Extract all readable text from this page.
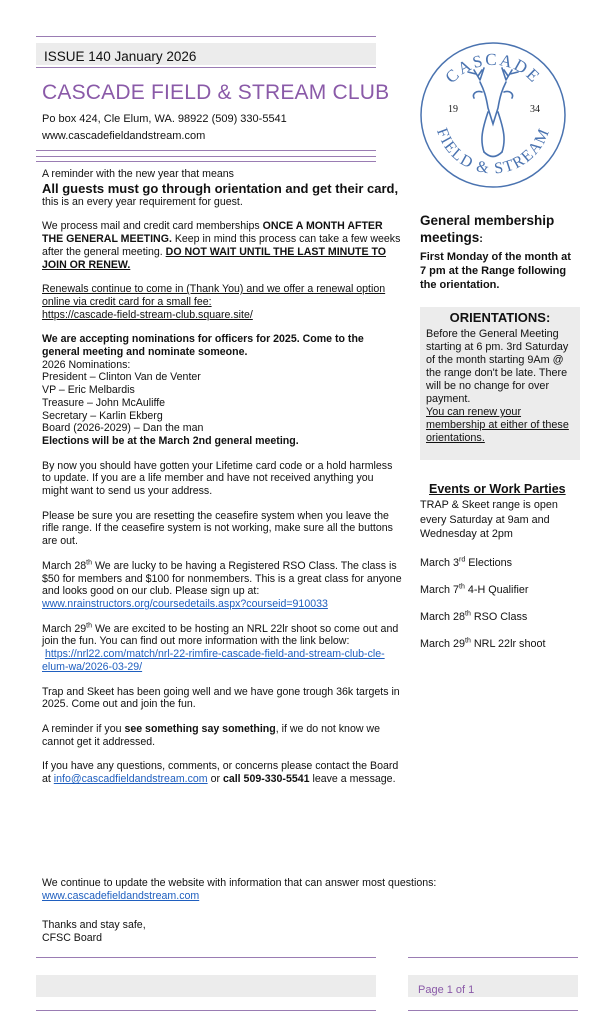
ISSUE 140 January 2026
CASCADE FIELD & STREAM CLUB
Po box 424, Cle Elum, WA. 98922 (509) 330-5541
www.cascadefieldandstream.com
CASCADE
FIELD & STREAM
19	34
A reminder with the new year that means
All guests must go through orientation and get their card,

this is an every year requirement for guest.

We process mail and credit card memberships ONCE A MONTH AFTER THE GENERAL MEETING. Keep in mind this process can take a few weeks after the general meeting. DO NOT WAIT UNTIL THE LAST MINUTE TO JOIN OR RENEW.

Renewals continue to come in (Thank You) and we offer a renewal option online via credit card for a small fee:
https://cascade-field-stream-club.square.site/

We are accepting nominations for officers for 2025. Come to the general meeting and nominate someone.
2026 Nominations:
President – Clinton Van de Venter
VP – Eric Melbardis
Treasure – John McAuliffe
Secretary – Karlin Ekberg
Board (2026-2029) – Dan the man
Elections will be at the March 2nd general meeting.

By now you should have gotten your Lifetime card code or a hold harmless to update. If you are a life member and have not received anything you might want to send us your address.

Please be sure you are resetting the ceasefire system when you leave the rifle range. If the ceasefire system is not working, make sure all the buttons are out.

March 28th We are lucky to be having a Registered RSO Class. The class is $50 for members and $100 for nonmembers. This is a great class for anyone and looks good on our club. Please sign up at:
www.nrainstructors.org/coursedetails.aspx?courseid=910033

March 29th We are excited to be hosting an NRL 22lr shoot so come out and join the fun. You can find out more information with the link below:
https://nrl22.com/match/nrl-22-rimfire-cascade-field-and-stream-club-cle-elum-wa/2026-03-29/

Trap and Skeet has been going well and we have gone trough 36k targets in 2025. Come out and join the fun.

A reminder if you see something say something, if we do not know we cannot get it addressed.

If you have any questions, comments, or concerns please contact the Board at info@cascadfieldandstream.com or call 509-330-5541 leave a message.

We continue to update the website with information that can answer most questions:
www.cascadefieldandstream.com
Thanks and stay safe,
CFSC Board
General membership meetings:
First Monday of the month at 7 pm at the Range following the orientation.
ORIENTATIONS:
Before the General Meeting starting at 6 pm. 3rd Saturday of the month starting 9Am @ the range don't be late. There will be no change for over payment.
You can renew your membership at either of these orientations.
Events or Work Parties
TRAP & Skeet range is open every Saturday at 9am and Wednesday at 2pm
March 3rd Elections
March 7th 4-H Qualifier
March 28th RSO Class
March 29th NRL 22lr shoot
Page 1 of 1
